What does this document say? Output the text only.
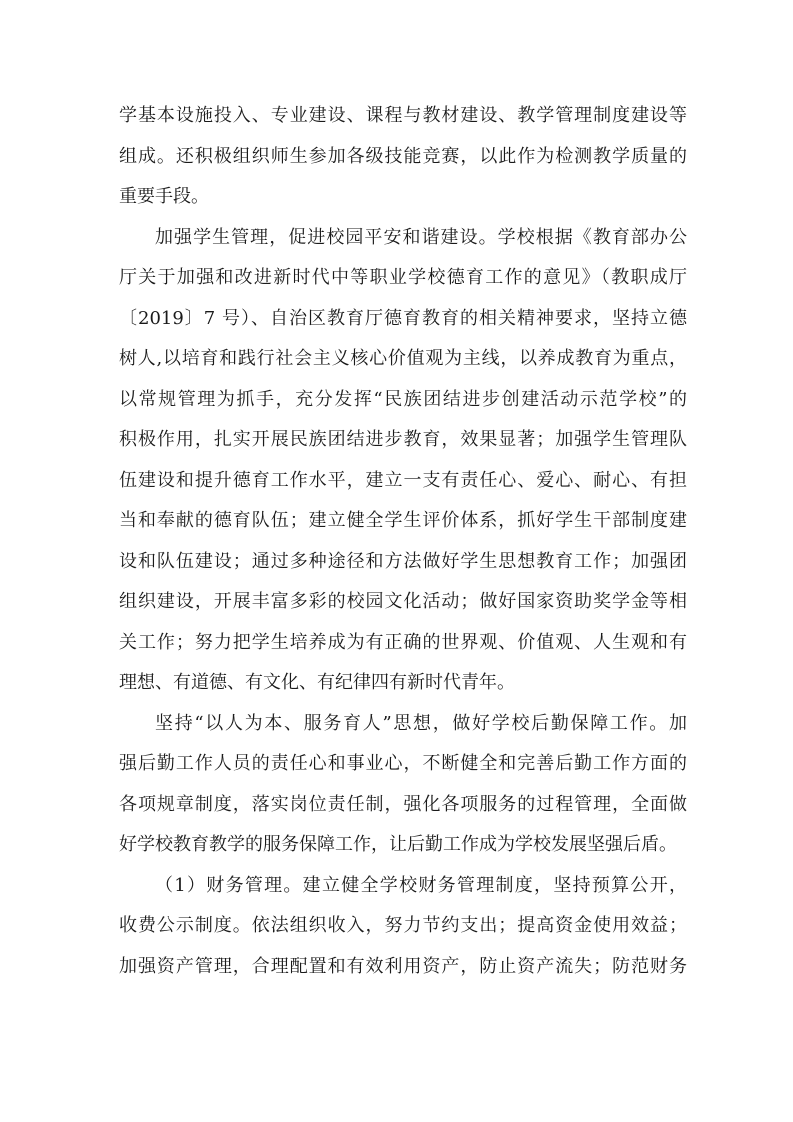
学基本设施投入、专业建设、课程与教材建设、教学管理制度建设等
组成。还积极组织师生参加各级技能竞赛，以此作为检测教学质量的
重要手段。
加强学生管理，促进校园平安和谐建设。学校根据《教育部办公
厅关于加强和改进新时代中等职业学校德育工作的意见》（教职成厅
〔2019〕7 号）、自治区教育厅德育教育的相关精神要求，坚持立德
树人,以培育和践行社会主义核心价值观为主线，以养成教育为重点，
以常规管理为抓手，充分发挥“民族团结进步创建活动示范学校”的
积极作用，扎实开展民族团结进步教育，效果显著；加强学生管理队
伍建设和提升德育工作水平，建立一支有责任心、爱心、耐心、有担
当和奉献的德育队伍；建立健全学生评价体系，抓好学生干部制度建
设和队伍建设；通过多种途径和方法做好学生思想教育工作；加强团
组织建设，开展丰富多彩的校园文化活动；做好国家资助奖学金等相
关工作；努力把学生培养成为有正确的世界观、价值观、人生观和有
理想、有道德、有文化、有纪律四有新时代青年。
坚持“以人为本、服务育人”思想，做好学校后勤保障工作。加
强后勤工作人员的责任心和事业心，不断健全和完善后勤工作方面的
各项规章制度，落实岗位责任制，强化各项服务的过程管理，全面做
好学校教育教学的服务保障工作，让后勤工作成为学校发展坚强后盾。
（1）财务管理。建立健全学校财务管理制度，坚持预算公开，
收费公示制度。依法组织收入，努力节约支出；提高资金使用效益；
加强资产管理，合理配置和有效利用资产，防止资产流失；防范财务
